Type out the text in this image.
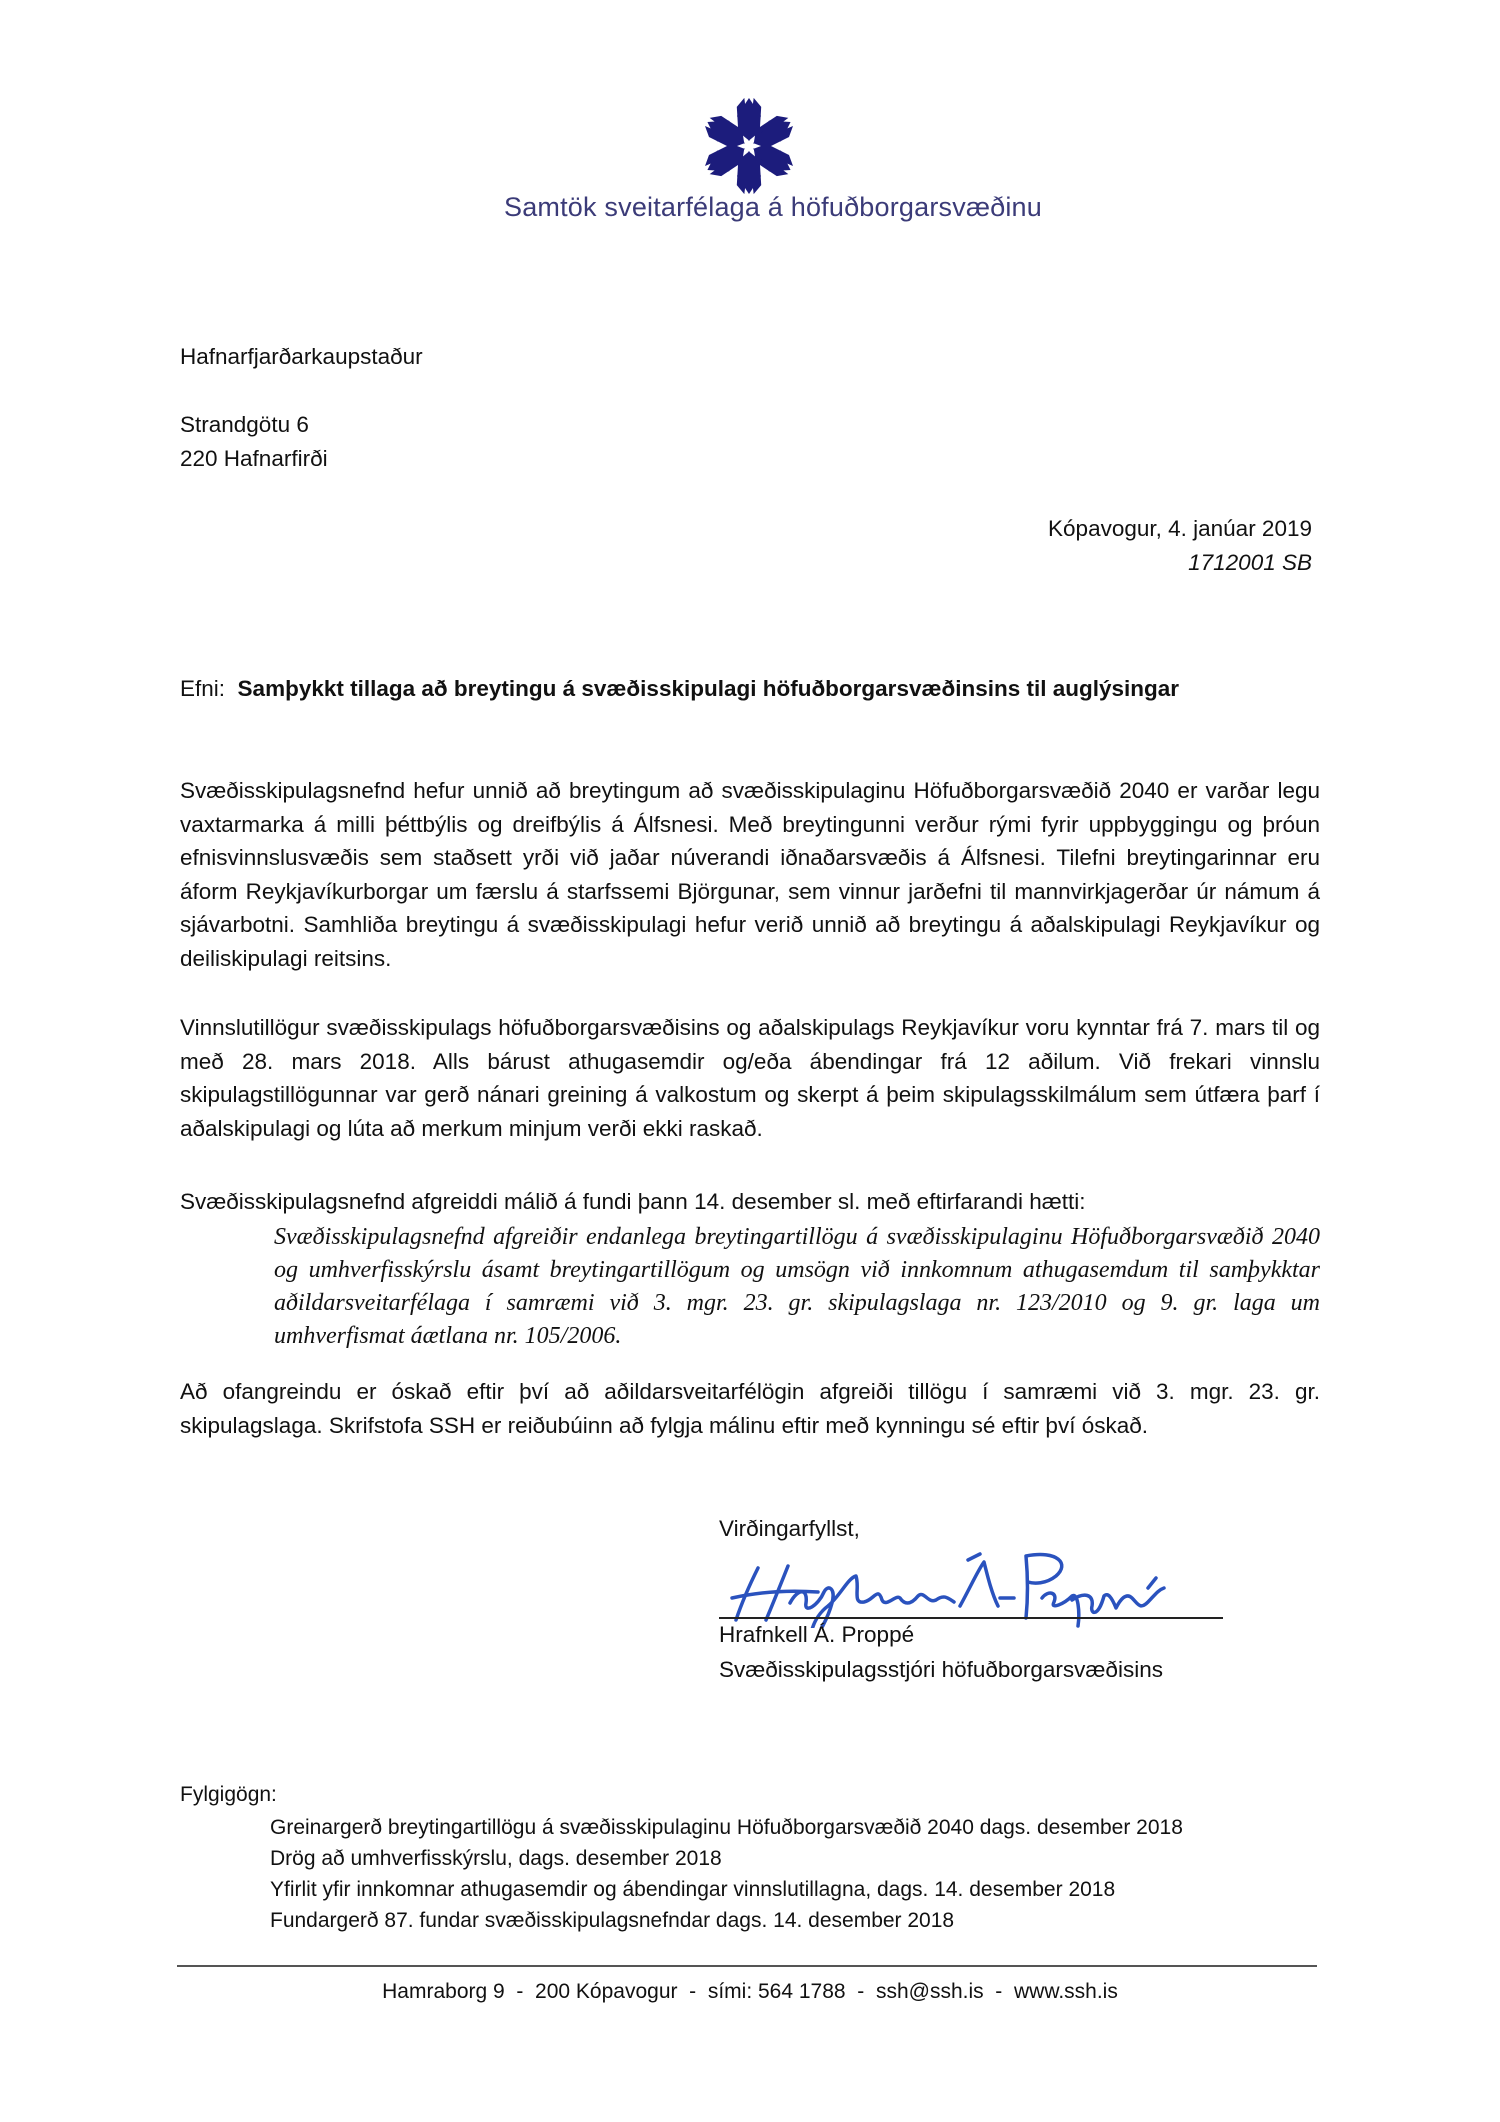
Samtök sveitarfélaga á höfuðborgarsvæðinu
Hafnarfjarðarkaupstaður
Strandgötu 6
220 Hafnarfirði
Kópavogur, 4. janúar 2019
1712001 SB
Efni: Samþykkt tillaga að breytingu á svæðisskipulagi höfuðborgarsvæðinsins til auglýsingar
Svæðisskipulagsnefnd hefur unnið að breytingum að svæðisskipulaginu Höfuðborgarsvæðið 2040 er varðar legu vaxtarmarka á milli þéttbýlis og dreifbýlis á Álfsnesi. Með breytingunni verður rými fyrir uppbyggingu og þróun efnisvinnslusvæðis sem staðsett yrði við jaðar núverandi iðnaðarsvæðis á Álfsnesi. Tilefni breytingarinnar eru áform Reykjavíkurborgar um færslu á starfssemi Björgunar, sem vinnur jarðefni til mannvirkjagerðar úr námum á sjávarbotni. Samhliða breytingu á svæðisskipulagi hefur verið unnið að breytingu á aðalskipulagi Reykjavíkur og deiliskipulagi reitsins.
Vinnslutillögur svæðisskipulags höfuðborgarsvæðisins og aðalskipulags Reykjavíkur voru kynntar frá 7. mars til og með 28. mars 2018. Alls bárust athugasemdir og/eða ábendingar frá 12 aðilum. Við frekari vinnslu skipulagstillögunnar var gerð nánari greining á valkostum og skerpt á þeim skipulagsskilmálum sem útfæra þarf í aðalskipulagi og lúta að merkum minjum verði ekki raskað.
Svæðisskipulagsnefnd afgreiddi málið á fundi þann 14. desember sl. með eftirfarandi hætti:
Svæðisskipulagsnefnd afgreiðir endanlega breytingartillögu á svæðisskipulaginu Höfuðborgarsvæðið 2040 og umhverfisskýrslu ásamt breytingartillögum og umsögn við innkomnum athugasemdum til samþykktar aðildarsveitarfélaga í samræmi við 3. mgr. 23. gr. skipulagslaga nr. 123/2010 og 9. gr. laga um umhverfismat áætlana nr. 105/2006.
Að ofangreindu er óskað eftir því að aðildarsveitarfélögin afgreiði tillögu í samræmi við 3. mgr. 23. gr. skipulagslaga. Skrifstofa SSH er reiðubúinn að fylgja málinu eftir með kynningu sé eftir því óskað.
Virðingarfyllst,
Hrafnkell Á. Proppé
Svæðisskipulagsstjóri höfuðborgarsvæðisins
Fylgigögn:
Greinargerð breytingartillögu á svæðisskipulaginu Höfuðborgarsvæðið 2040 dags. desember 2018
Drög að umhverfisskýrslu, dags. desember 2018
Yfirlit yfir innkomnar athugasemdir og ábendingar vinnslutillagna, dags. 14. desember 2018
Fundargerð 87. fundar svæðisskipulagsnefndar dags. 14. desember 2018
Hamraborg 9  -  200 Kópavogur  -  sími: 564 1788  -  ssh@ssh.is  -  www.ssh.is
